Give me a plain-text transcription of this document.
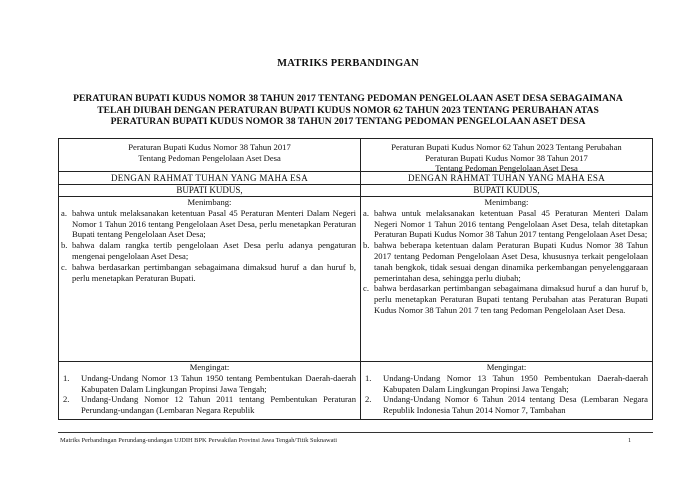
MATRIKS PERBANDINGAN
PERATURAN BUPATI KUDUS NOMOR 38 TAHUN 2017 TENTANG PEDOMAN PENGELOLAAN ASET DESA SEBAGAIMANA
TELAH DIUBAH DENGAN PERATURAN BUPATI KUDUS NOMOR 62 TAHUN 2023 TENTANG PERUBAHAN ATAS
PERATURAN BUPATI KUDUS NOMOR 38 TAHUN 2017 TENTANG PEDOMAN PENGELOLAAN ASET DESA
Peraturan Bupati Kudus Nomor 38 Tahun 2017
Tentang Pedoman Pengelolaan Aset Desa
DENGAN RAHMAT TUHAN YANG MAHA ESA
BUPATI KUDUS,
Menimbang:
a. bahwa untuk melaksanakan ketentuan Pasal 45 Peraturan Menteri Dalam Negeri Nomor 1 Tahun 2016 tentang Pengelolaan Aset Desa, perlu menetapkan Peraturan Bupati tentang Pengelolaan Aset Desa;
b. bahwa dalam rangka tertib pengelolaan Aset Desa perlu adanya pengaturan mengenai pengelolaan Aset Desa;
c. bahwa berdasarkan pertimbangan sebagaimana dimaksud huruf a dan huruf b, perlu menetapkan Peraturan Bupati.
Mengingat:
1. Undang-Undang Nomor 13 Tahun 1950 tentang Pembentukan Daerah-daerah Kabupaten Dalam Lingkungan Propinsi Jawa Tengah;
2. Undang-Undang Nomor 12 Tahun 2011 tentang Pembentukan Peraturan Perundang-undangan (Lembaran Negara Republik
Peraturan Bupati Kudus Nomor 62 Tahun 2023 Tentang Perubahan
Peraturan Bupati Kudus Nomor 38 Tahun 2017
Tentang Pedoman Pengelolaan Aset Desa
DENGAN RAHMAT TUHAN YANG MAHA ESA
BUPATI KUDUS,
Menimbang:
a. bahwa untuk melaksanakan ketentuan Pasal 45 Peraturan Menteri Dalam Negeri Nomor 1 Tahun 2016 tentang Pengelolaan Aset Desa, telah ditetapkan Peraturan Bupati Kudus Nomor 38 Tahun 2017 tentang Pengelolaan Aset Desa;
b. bahwa beberapa ketentuan dalam Peraturan Bupati Kudus Nomor 38 Tahun 2017 tentang Pedoman Pengelolaan Aset Desa, khususnya terkait pengelolaan tanah bengkok, tidak sesuai dengan dinamika perkembangan penyelenggaraan pemerintahan desa, sehingga perlu diubah;
c. bahwa berdasarkan pertimbangan sebagaimana dimaksud huruf a dan huruf b, perlu menetapkan Peraturan Bupati tentang Perubahan atas Peraturan Bupati Kudus Nomor 38 Tahun 201 7 ten tang Pedoman Pengelolaan Aset Desa.
Mengingat:
1. Undang-Undang Nomor 13 Tahun 1950 Pembentukan Daerah-daerah Kabupaten Dalam Lingkungan Propinsi Jawa Tengah;
2. Undang-Undang Nomor 6 Tahun 2014 tentang Desa (Lembaran Negara Republik Indonesia Tahun 2014 Nomor 7, Tambahan
Matriks Perbandingan Perundang-undangan UJDIH BPK Perwakilan Provinsi Jawa Tengah/Titik Suknawati	1
